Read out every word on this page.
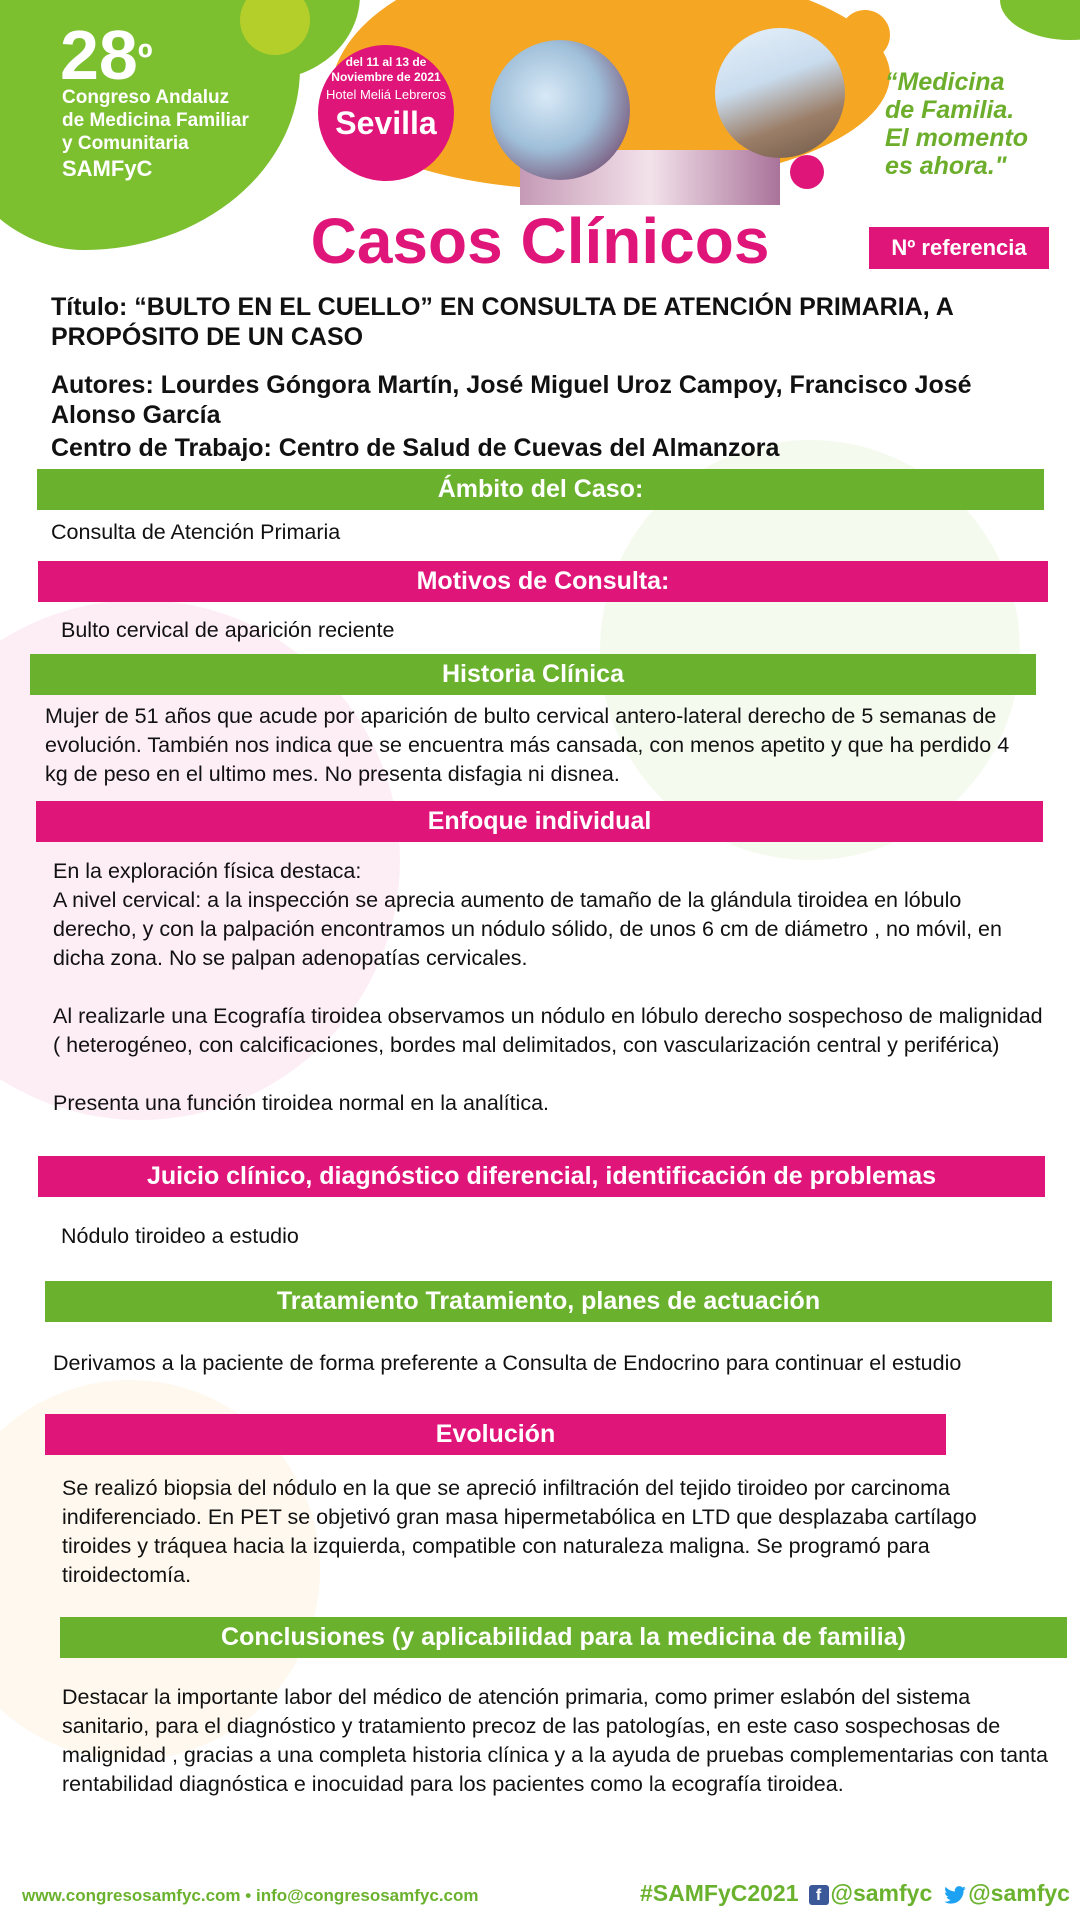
$28^º$
Congreso Andaluz
de Medicina Familiar
y Comunitaria
SAMFyC
del 11 al 13 de
Noviembre de 2021
Hotel Meliá Lebreros
Sevilla
“Medicina
de Familia.
El momento
es ahora."
Casos Clínicos	Nº referencia
Título: “BULTO EN EL CUELLO” EN CONSULTA DE ATENCIÓN PRIMARIA, A PROPÓSITO DE UN CASO
Autores: Lourdes Góngora Martín, José Miguel Uroz Campoy, Francisco José Alonso García
Centro de Trabajo: Centro de Salud de Cuevas del Almanzora
Ámbito del Caso:
Consulta de Atención Primaria
Motivos de Consulta:
Bulto cervical de aparición reciente
Historia Clínica
Mujer de 51 años que acude por aparición de bulto cervical antero-lateral derecho de 5 semanas de evolución. También nos indica que se encuentra más cansada, con menos apetito y que ha perdido 4 kg de peso en el ultimo mes. No presenta disfagia ni disnea.
Enfoque individual
En la exploración física destaca:
A nivel cervical: a la inspección se aprecia aumento de tamaño de la glándula tiroidea en lóbulo derecho, y con la palpación encontramos un nódulo sólido, de unos 6 cm de diámetro , no móvil, en dicha zona. No se palpan adenopatías cervicales.

Al realizarle una Ecografía tiroidea observamos un nódulo en lóbulo derecho sospechoso de malignidad ( heterogéneo, con calcificaciones, bordes mal delimitados, con vascularización central y periférica)

Presenta una función tiroidea normal en la analítica.
Juicio clínico, diagnóstico diferencial, identificación de problemas
Nódulo tiroideo a estudio
Tratamiento Tratamiento, planes de actuación
Derivamos a la paciente de forma preferente a Consulta de Endocrino para continuar el estudio
Evolución
Se realizó biopsia del nódulo en la que se apreció infiltración del tejido tiroideo por carcinoma indiferenciado. En PET se objetivó gran masa hipermetabólica en LTD que desplazaba cartílago tiroides y tráquea hacia la izquierda, compatible con naturaleza maligna. Se programó para tiroidectomía.
Conclusiones (y aplicabilidad para la medicina de familia)
Destacar la importante labor del médico de atención primaria, como primer eslabón del sistema sanitario, para el diagnóstico y tratamiento precoz de las patologías, en este caso sospechosas de malignidad , gracias a una completa historia clínica y a la ayuda de pruebas complementarias con tanta rentabilidad diagnóstica e inocuidad para los pacientes como la ecografía tiroidea.
www.congresosamfyc.com • info@congresosamfyc.com	#SAMFyC2021 f @samfyc @samfyc
